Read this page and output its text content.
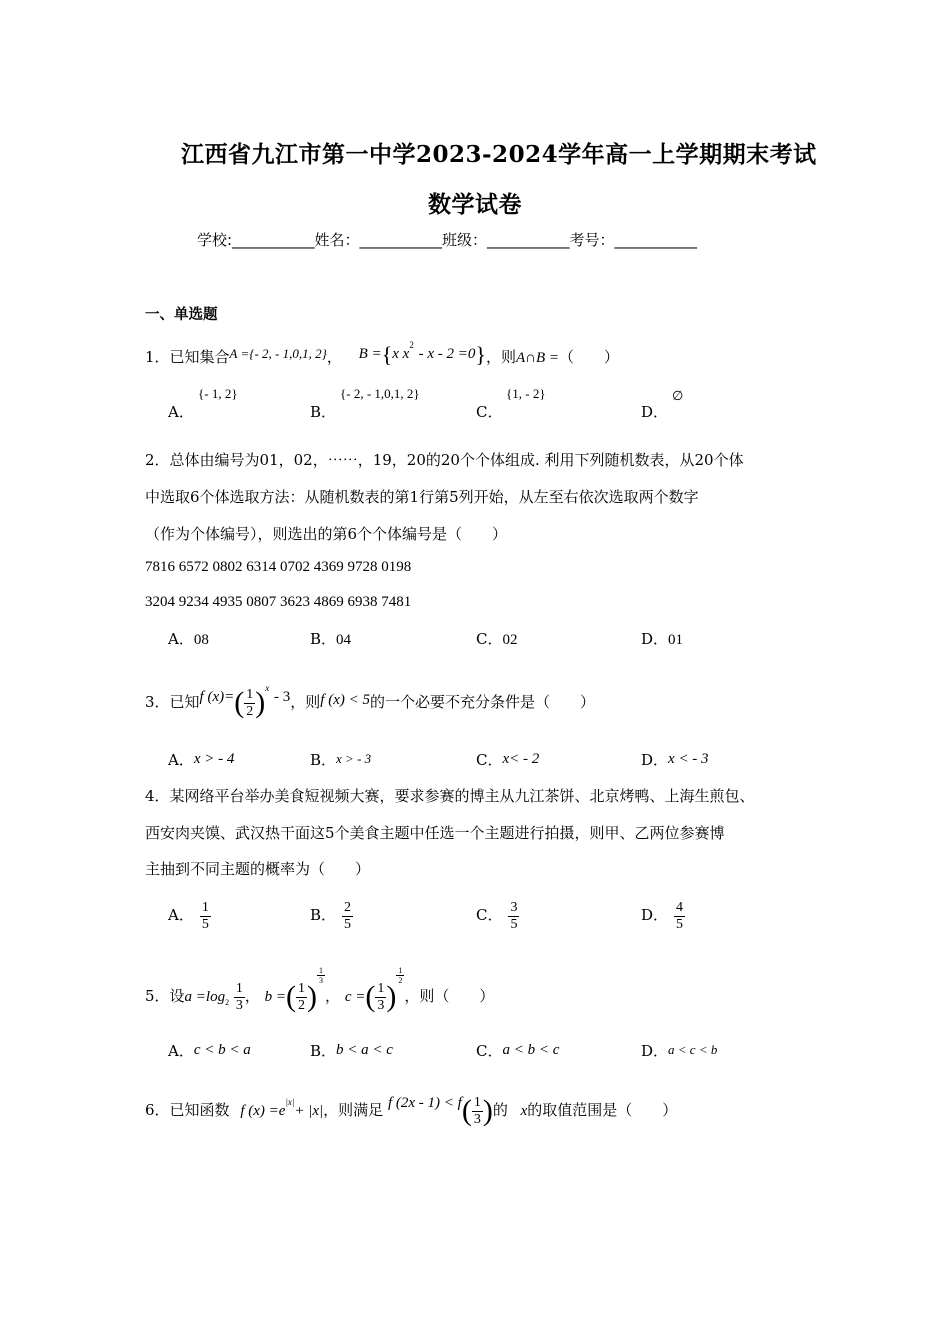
江西省九江市第一中学2023-2024学年高一上学期期末考试
数学试卷
学校:___________姓名：___________班级：___________考号：___________
一、单选题
1．已知集合A ={- 2, - 1,0,1, 2}， B ={x $x^2 - x - 2 =0$}，则A∩B =（　　）
A．
{- 1, 2}
B．
{- 2, - 1,0,1, 2}
C．
{1, - 2}
D．
∅
2．总体由编号为01，02，⋯⋯，19，20的20个个体组成. 利用下列随机数表，从20个体
中选取6个体选取方法：从随机数表的第1行第5列开始，从左至右依次选取两个数字
（作为个体编号），则选出的第6个个体编号是（　　）
7816 6572 0802 6314 0702 4369 9728 0198
3204 9234 4935 0807 3623 4869 6938 7481
A．08	B．04	C．02	D．01
3．已知f $(x)=( \frac{1}{2} )^x - 3$，则f (x) < 5的一个必要不充分条件是（　　）
A．x > - 4	B．x > - 3	C．x< - 2	D．x < - 3
4．某网络平台举办美食短视频大赛，要求参赛的博主从九江茶饼、北京烤鸭、上海生煎包、
西安肉夹馍、武汉热干面这5个美食主题中任选一个主题进行拍摄，则甲、乙两位参赛博
主抽到不同主题的概率为（　　）
A． $\frac{1}{5}$	B． $\frac{2}{5}$	C． $\frac{3}{5}$	D． $\frac{4}{5}$
5．设$a =\log_2 \frac{1}{3}$ ， b =( $\frac{1}{2}$ )
$\frac{1}{3}$
， c =( $\frac{1}{3}$ )
$\frac{1}{2}$
，则（　　）
A．c < b < a	B．b < a < c	C．a < b < c	D．a < c < b
6．已知函数 f $(x) =e^{|x|}+ |x|$，则满足 f $(2x - 1) < f( \frac{1}{3}$ )的 x的取值范围是（　　）
